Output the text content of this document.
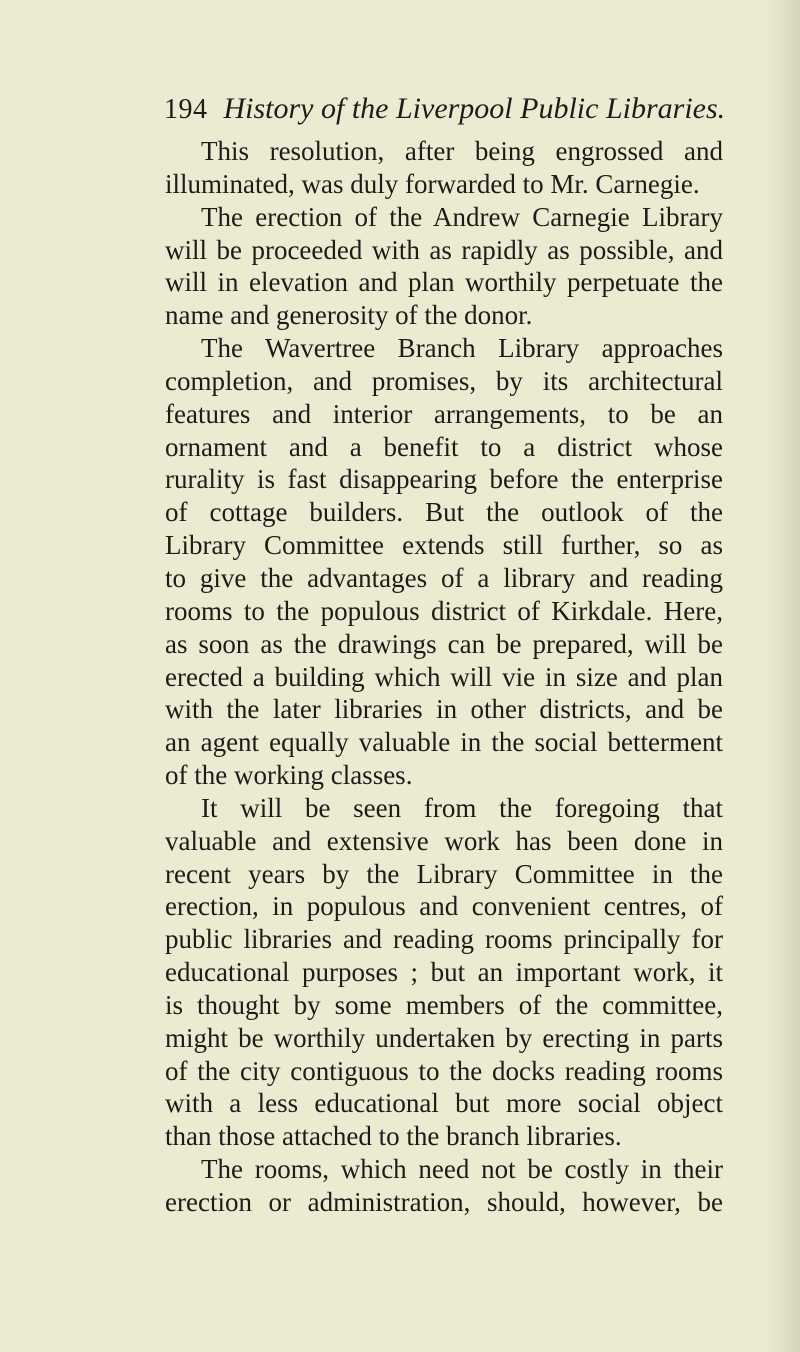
194 History of the Liverpool Public Libraries.
This resolution, after being engrossed and
illuminated, was duly forwarded to Mr. Carnegie.
The erection of the Andrew Carnegie Library
will be proceeded with as rapidly as possible, and
will in elevation and plan worthily perpetuate the
name and generosity of the donor.
The Wavertree Branch Library approaches
completion, and promises, by its architectural
features and interior arrangements, to be an
ornament and a benefit to a district whose
rurality is fast disappearing before the enterprise
of cottage builders. But the outlook of the
Library Committee extends still further, so as
to give the advantages of a library and reading
rooms to the populous district of Kirkdale. Here,
as soon as the drawings can be prepared, will be
erected a building which will vie in size and plan
with the later libraries in other districts, and be
an agent equally valuable in the social betterment
of the working classes.
It will be seen from the foregoing that
valuable and extensive work has been done in
recent years by the Library Committee in the
erection, in populous and convenient centres, of
public libraries and reading rooms principally for
educational purposes ; but an important work, it
is thought by some members of the committee,
might be worthily undertaken by erecting in parts
of the city contiguous to the docks reading rooms
with a less educational but more social object
than those attached to the branch libraries.
The rooms, which need not be costly in their
erection or administration, should, however, be
